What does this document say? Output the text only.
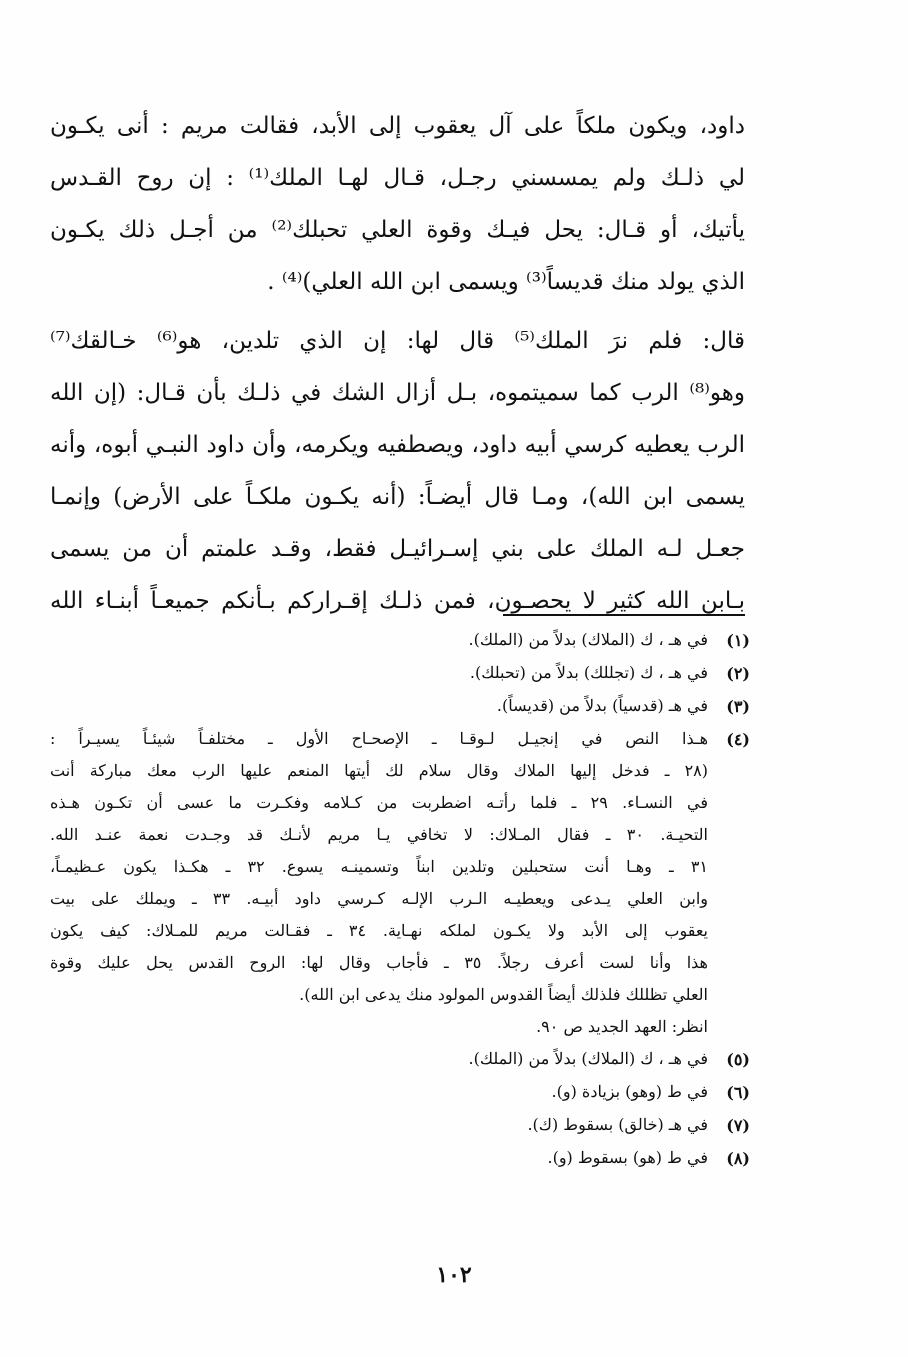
داود، ويكون ملكاً على آل يعقوب إلى الأبد، فقالت مريم : أنى يكـون
لي ذلـك ولم يمسسني رجـل، قـال لهـا الملك⁽¹⁾ : إن روح القـدس
يأتيك، أو قـال: يحل فيـك وقوة العلي تحبلك⁽²⁾ من أجـل ذلك يكـون
الذي يولد منك قديساً⁽³⁾ ويسمى ابن الله العلي)⁽⁴⁾ .
قال: فلم نرَ الملك⁽⁵⁾ قال لها: إن الذي تلدين، هو⁽⁶⁾ خـالقك⁽⁷⁾
وهو⁽⁸⁾ الرب كما سميتموه، بـل أزال الشك في ذلـك بأن قـال: (إن الله
الرب يعطيه كرسي أبيه داود، ويصطفيه ويكرمه، وأن داود النبـي أبوه، وأنه
يسمى ابن الله)، ومـا قال أيضـاً: (أنه يكـون ملكـاً على الأرض) وإنمـا
جعـل لـه الملك على بني إسـرائيـل فقط، وقـد علمتم أن من يسمى
بـابن الله كثير لا يحصـون، فمن ذلـك إقـراركم بـأنكم جميعـاً أبنـاء الله
(١)
في هـ ، ك (الملاك) بدلاً من (الملك).
(٢)
في هـ ، ك (تجللك) بدلاً من (تحبلك).
(٣)
في هـ (قدسياً) بدلاً من (قديساً).
(٤)
هـذا النص في إنجيـل لـوقـا ـ الإصحـاح الأول ـ مختلفـاً شيئـاً يسيـراً :
(٢٨ ـ فدخل إليها الملاك وقال سلام لك أيتها المنعم عليها الرب معك مباركة أنت
في النسـاء. ٢٩ ـ فلما رأتـه اضطربت من كـلامه وفكـرت ما عسى أن تكـون هـذه
التحيـة. ٣٠ ـ فقال المـلاك: لا تخافي يـا مريم لأنـك قد وجـدت نعمة عنـد الله.
٣١ ـ وهـا أنت ستحبلين وتلدين ابناً وتسمينـه يسوع. ٣٢ ـ هكـذا يكون عـظيمـاً،
وابن العلي يـدعى ويعطيـه الـرب الإلـه كـرسي داود أبيـه. ٣٣ ـ ويملك على بيت
يعقوب إلى الأبد ولا يكـون لملكه نهـاية. ٣٤ ـ فقـالت مريم للمـلاك: كيف يكون
هذا وأنا لست أعرف رجلاً. ٣٥ ـ فأجاب وقال لها: الروح القدس يحل عليك وقوة
العلي تظللك فلذلك أيضاً القدوس المولود منك يدعى ابن الله).
انظر: العهد الجديد ص ٩٠.
(٥)
في هـ ، ك (الملاك) بدلاً من (الملك).
(٦)
في ط (وهو) بزيادة (و).
(٧)
في هـ (خالق) بسقوط (ك).
(٨)
في ط (هو) بسقوط (و).
١٠٢
